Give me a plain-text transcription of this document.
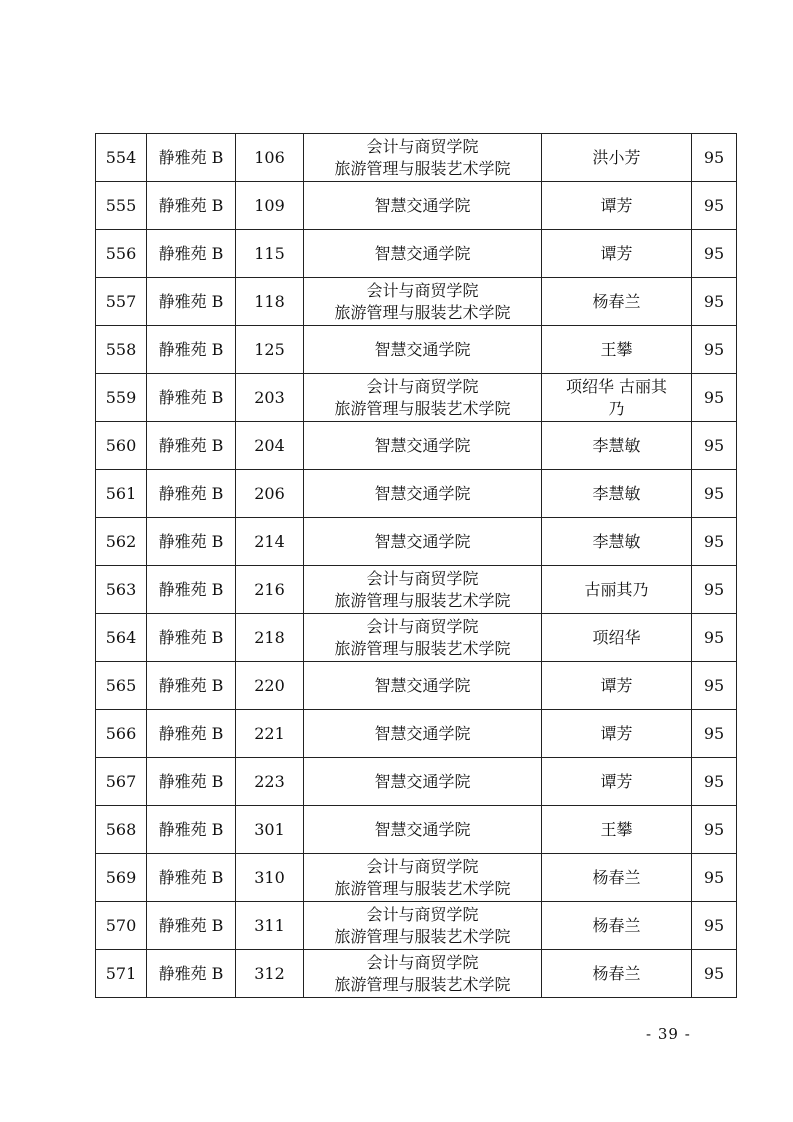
554	静雅苑 B	106	会计与商贸学院
旅游管理与服装艺术学院	洪小芳	95
555	静雅苑 B	109	智慧交通学院	谭芳	95
556	静雅苑 B	115	智慧交通学院	谭芳	95
557	静雅苑 B	118	会计与商贸学院
旅游管理与服装艺术学院	杨春兰	95
558	静雅苑 B	125	智慧交通学院	王攀	95
559	静雅苑 B	203	会计与商贸学院
旅游管理与服装艺术学院	项绍华 古丽其
乃	95
560	静雅苑 B	204	智慧交通学院	李慧敏	95
561	静雅苑 B	206	智慧交通学院	李慧敏	95
562	静雅苑 B	214	智慧交通学院	李慧敏	95
563	静雅苑 B	216	会计与商贸学院
旅游管理与服装艺术学院	古丽其乃	95
564	静雅苑 B	218	会计与商贸学院
旅游管理与服装艺术学院	项绍华	95
565	静雅苑 B	220	智慧交通学院	谭芳	95
566	静雅苑 B	221	智慧交通学院	谭芳	95
567	静雅苑 B	223	智慧交通学院	谭芳	95
568	静雅苑 B	301	智慧交通学院	王攀	95
569	静雅苑 B	310	会计与商贸学院
旅游管理与服装艺术学院	杨春兰	95
570	静雅苑 B	311	会计与商贸学院
旅游管理与服装艺术学院	杨春兰	95
571	静雅苑 B	312	会计与商贸学院
旅游管理与服装艺术学院	杨春兰	95
- 39 -
